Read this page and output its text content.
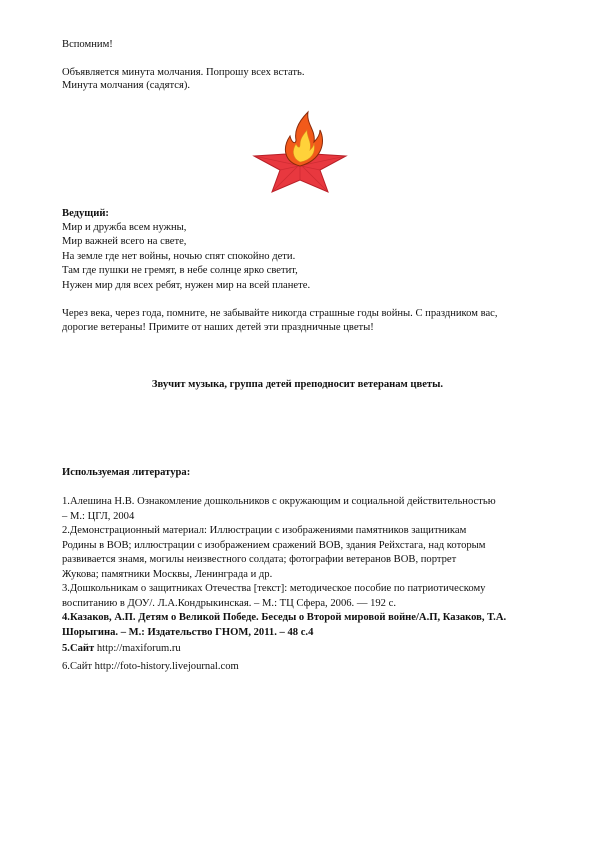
Вспомним!
Объявляется минута молчания. Попрошу всех встать.
Минута молчания (садятся).
Ведущий:
Мир и дружба всем нужны,
Мир важней всего на свете,
На земле где нет войны, ночью спят спокойно дети.
Там где пушки не гремят, в небе солнце ярко светит,
Нужен мир для всех ребят, нужен мир на всей планете.
Через века, через года, помните, не забывайте никогда страшные годы войны. С праздником вас,
дорогие ветераны! Примите от наших детей эти праздничные цветы!
Звучит музыка, группа детей преподносит ветеранам цветы.
Используемая литература:
1.Алешина Н.В. Ознакомление дошкольников с окружающим и социальной действительностью
– М.: ЦГЛ, 2004
2.Демонстрационный материал: Иллюстрации с изображениями памятников защитникам
Родины в ВОВ; иллюстрации с изображением сражений ВОВ, здания Рейхстага, над которым
развивается знамя, могилы неизвестного солдата; фотографии ветеранов ВОВ, портрет
Жукова; памятники Москвы, Ленинграда и др.
3.Дошкольникам о защитниках Отечества [текст]: методическое пособие по патриотическому
воспитанию в ДОУ/. Л.А.Кондрыкинская. – М.: ТЦ Сфера, 2006. — 192 с.
4.Казаков, А.П. Детям о Великой Победе. Беседы о Второй мировой войне/А.П, Казаков, Т.А.
Шорыгина. – М.: Издательство ГНОМ, 2011. – 48 с.4
5.Сайт http://maxiforum.ru
6.Сайт http://foto-history.livejournal.com
